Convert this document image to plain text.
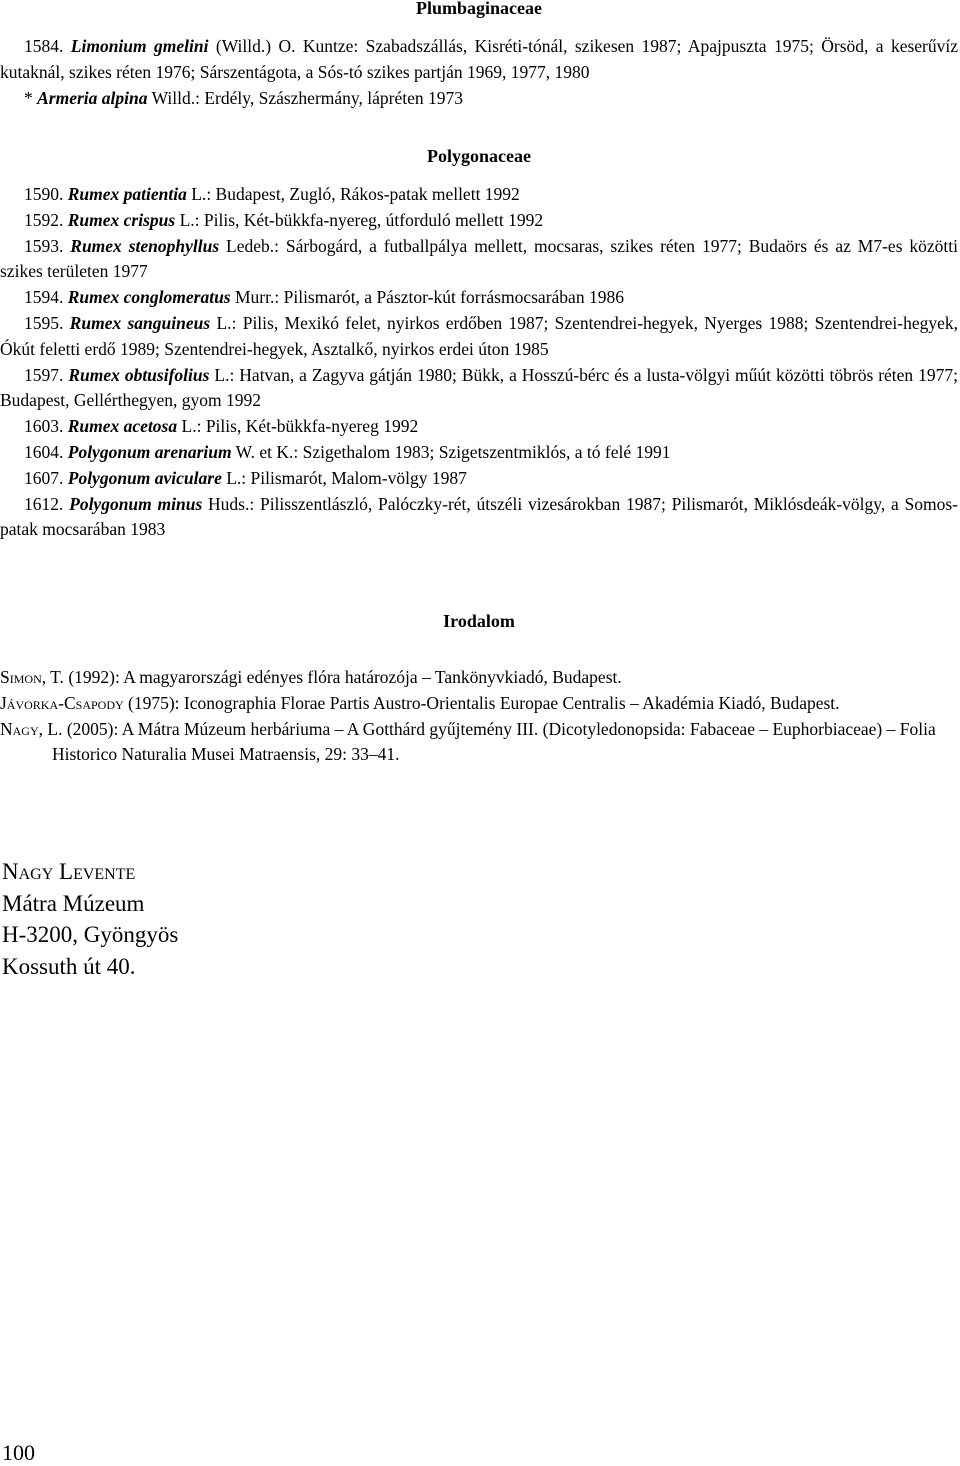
Plumbaginaceae

1584. Limonium gmelini (Willd.) O. Kuntze: Szabadszállás, Kisréti-tónál, szikesen 1987; Apajpuszta 1975; Örsöd, a keserűvíz kutaknál, szikes réten 1976; Sárszentágota, a Sós-tó szikes partján 1969, 1977, 1980

* Armeria alpina Willd.: Erdély, Szászhermány, lápréten 1973

Polygonaceae

1590. Rumex patientia L.: Budapest, Zugló, Rákos-patak mellett 1992

1592. Rumex crispus L.: Pilis, Két-bükkfa-nyereg, útforduló mellett 1992

1593. Rumex stenophyllus Ledeb.: Sárbogárd, a futballpálya mellett, mocsaras, szikes réten 1977; Budaörs és az M7-es közötti szikes területen 1977

1594. Rumex conglomeratus Murr.: Pilismarót, a Pásztor-kút forrásmocsarában 1986

1595. Rumex sanguineus L.: Pilis, Mexikó felet, nyirkos erdőben 1987; Szentendrei-hegyek, Nyerges 1988; Szentendrei-hegyek, Ókút feletti erdő 1989; Szentendrei-hegyek, Asztalkő, nyirkos erdei úton 1985

1597. Rumex obtusifolius L.: Hatvan, a Zagyva gátján 1980; Bükk, a Hosszú-bérc és a lusta-völgyi műút közötti töbrös réten 1977; Budapest, Gellérthegyen, gyom 1992

1603. Rumex acetosa L.: Pilis, Két-bükkfa-nyereg 1992

1604. Polygonum arenarium W. et K.: Szigethalom 1983; Szigetszentmiklós, a tó felé 1991

1607. Polygonum aviculare L.: Pilismarót, Malom-völgy 1987

1612. Polygonum minus Huds.: Pilisszentlászló, Palóczky-rét, útszéli vizesárokban 1987; Pilismarót, Miklósdeák-völgy, a Somos-patak mocsarában 1983

Irodalom

Simon, T. (1992): A magyarországi edényes flóra határozója – Tankönyvkiadó, Budapest.

Jávorka-Csapody (1975): Iconographia Florae Partis Austro-Orientalis Europae Centralis – Akadémia Kiadó, Budapest.

Nagy, L. (2005): A Mátra Múzeum herbáriuma – A Gotthárd gyűjtemény III. (Dicotyledonopsida: Fabaceae – Euphorbiaceae) – Folia Historico Naturalia Musei Matraensis, 29: 33–41.

Nagy Levente
Mátra Múzeum
H-3200, Gyöngyös
Kossuth út 40.
100
